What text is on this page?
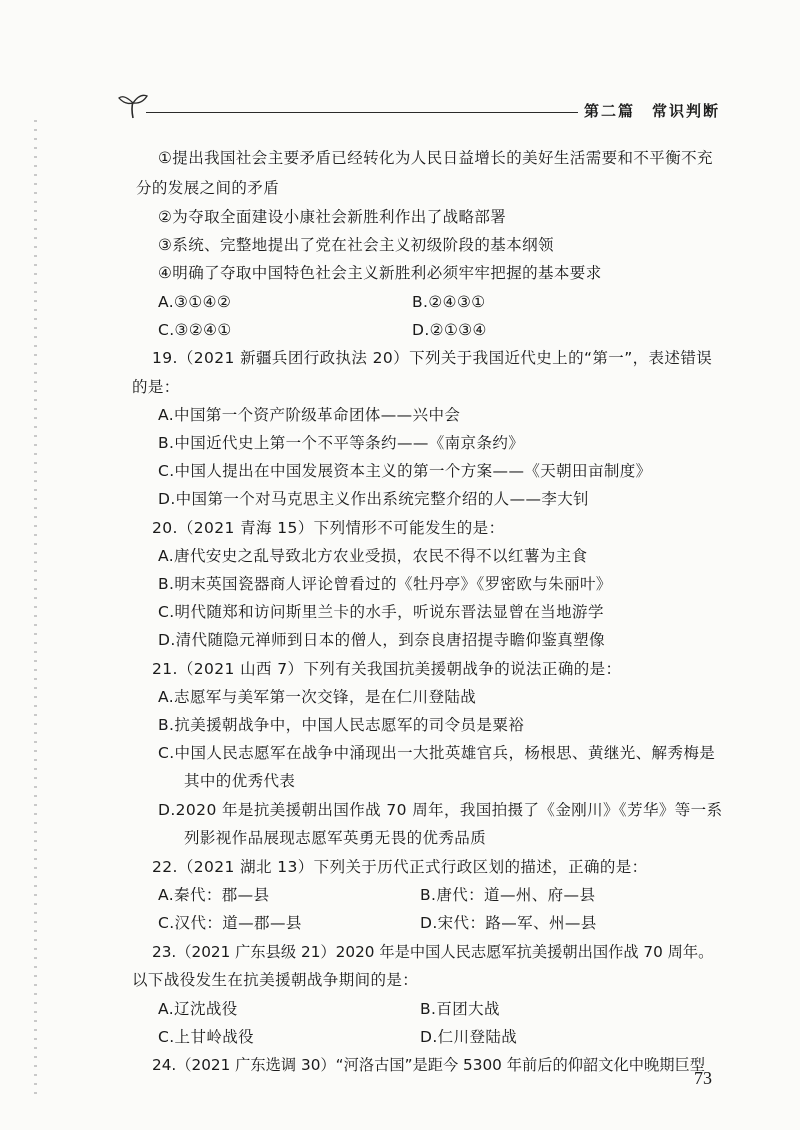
第二篇　常识判断
①提出我国社会主要矛盾已经转化为人民日益增长的美好生活需要和不平衡不充
分的发展之间的矛盾
②为夺取全面建设小康社会新胜利作出了战略部署
③系统、完整地提出了党在社会主义初级阶段的基本纲领
④明确了夺取中国特色社会主义新胜利必须牢牢把握的基本要求
A.③①④②	B.②④③①
C.③②④①	D.②①③④
19.（2021 新疆兵团行政执法 20）下列关于我国近代史上的“第一”，表述错误
的是：
A.中国第一个资产阶级革命团体——兴中会
B.中国近代史上第一个不平等条约——《南京条约》
C.中国人提出在中国发展资本主义的第一个方案——《天朝田亩制度》
D.中国第一个对马克思主义作出系统完整介绍的人——李大钊
20.（2021 青海 15）下列情形不可能发生的是：
A.唐代安史之乱导致北方农业受损，农民不得不以红薯为主食
B.明末英国瓷器商人评论曾看过的《牡丹亭》《罗密欧与朱丽叶》
C.明代随郑和访问斯里兰卡的水手，听说东晋法显曾在当地游学
D.清代随隐元禅师到日本的僧人，到奈良唐招提寺瞻仰鉴真塑像
21.（2021 山西 7）下列有关我国抗美援朝战争的说法正确的是：
A.志愿军与美军第一次交锋，是在仁川登陆战
B.抗美援朝战争中，中国人民志愿军的司令员是粟裕
C.中国人民志愿军在战争中涌现出一大批英雄官兵，杨根思、黄继光、解秀梅是
其中的优秀代表
D.2020 年是抗美援朝出国作战 70 周年，我国拍摄了《金刚川》《芳华》等一系
列影视作品展现志愿军英勇无畏的优秀品质
22.（2021 湖北 13）下列关于历代正式行政区划的描述，正确的是：
A.秦代：郡—县	B.唐代：道—州、府—县
C.汉代：道—郡—县	D.宋代：路—军、州—县
23.（2021 广东县级 21）2020 年是中国人民志愿军抗美援朝出国作战 70 周年。
以下战役发生在抗美援朝战争期间的是：
A.辽沈战役	B.百团大战
C.上甘岭战役	D.仁川登陆战
24.（2021 广东选调 30）“河洛古国”是距今 5300 年前后的仰韶文化中晚期巨型
73
